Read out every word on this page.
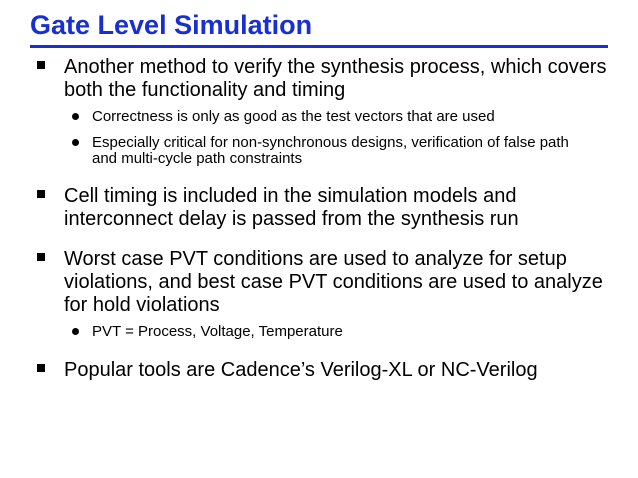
Gate Level Simulation
Another method to verify the synthesis process, which covers both the functionality and timing
Correctness is only as good as the test vectors that are used
Especially critical for non-synchronous designs, verification of false path and multi-cycle path constraints
Cell timing is included in the simulation models and interconnect delay is passed from the synthesis run
Worst case PVT conditions are used to analyze for setup violations, and best case PVT conditions are used to analyze for hold violations
PVT = Process, Voltage, Temperature
Popular tools are Cadence’s Verilog-XL or NC-Verilog
